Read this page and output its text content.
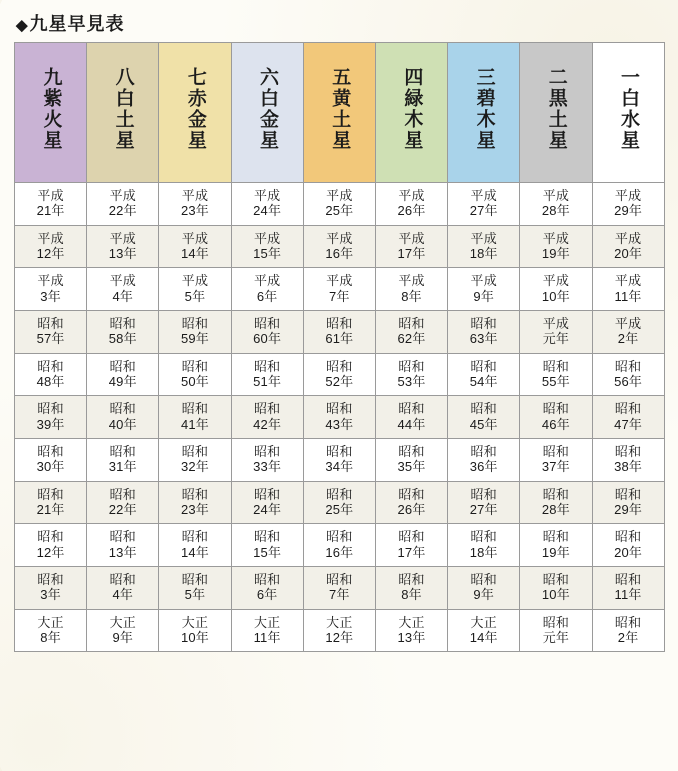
◆九星早見表
九紫火星	八白土星	七赤金星	六白金星	五黄土星	四緑木星	三碧木星	二黒土星	一白水星

平成
21年	平成
22年	平成
23年	平成
24年	平成
25年	平成
26年	平成
27年	平成
28年	平成
29年

平成
12年	平成
13年	平成
14年	平成
15年	平成
16年	平成
17年	平成
18年	平成
19年	平成
20年

平成
3年	平成
4年	平成
5年	平成
6年	平成
7年	平成
8年	平成
9年	平成
10年	平成
11年

昭和
57年	昭和
58年	昭和
59年	昭和
60年	昭和
61年	昭和
62年	昭和
63年	平成
元年	平成
2年

昭和
48年	昭和
49年	昭和
50年	昭和
51年	昭和
52年	昭和
53年	昭和
54年	昭和
55年	昭和
56年

昭和
39年	昭和
40年	昭和
41年	昭和
42年	昭和
43年	昭和
44年	昭和
45年	昭和
46年	昭和
47年

昭和
30年	昭和
31年	昭和
32年	昭和
33年	昭和
34年	昭和
35年	昭和
36年	昭和
37年	昭和
38年

昭和
21年	昭和
22年	昭和
23年	昭和
24年	昭和
25年	昭和
26年	昭和
27年	昭和
28年	昭和
29年

昭和
12年	昭和
13年	昭和
14年	昭和
15年	昭和
16年	昭和
17年	昭和
18年	昭和
19年	昭和
20年

昭和
3年	昭和
4年	昭和
5年	昭和
6年	昭和
7年	昭和
8年	昭和
9年	昭和
10年	昭和
11年

大正
8年	大正
9年	大正
10年	大正
11年	大正
12年	大正
13年	大正
14年	昭和
元年	昭和
2年
